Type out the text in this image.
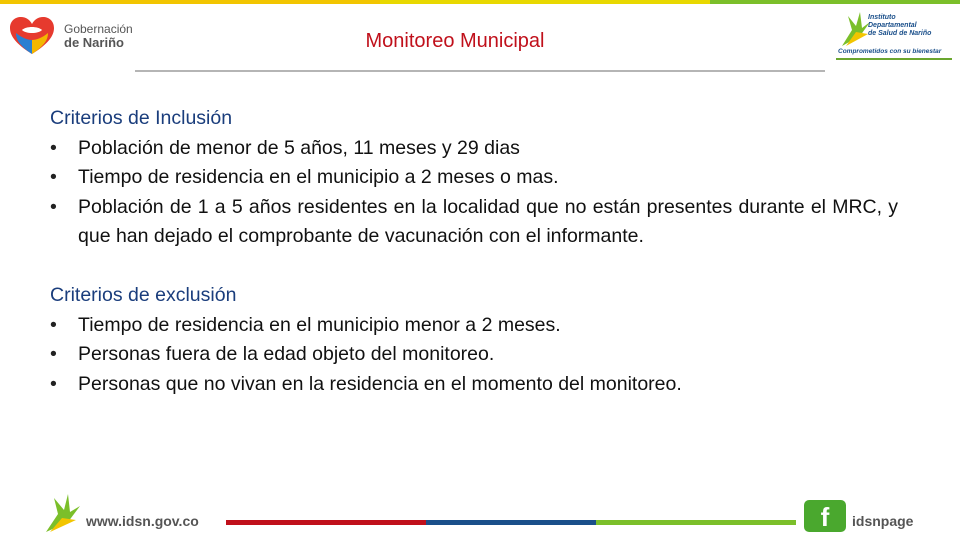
Gobernación
de Nariño	Monitoreo Municipal
Instituto
Departamental
de Salud de Nariño
Comprometidos con su bienestar
Criterios de Inclusión
•	Población de menor de 5 años, 11 meses y 29 dias
•	Tiempo de residencia en el municipio a 2 meses o mas.
•	Población de 1 a 5 años residentes en la localidad que no están presentes durante el MRC, y que han dejado el comprobante de vacunación con el informante.
Criterios de exclusión
•	Tiempo de residencia en el municipio menor a 2 meses.
•	Personas fuera de la edad objeto del monitoreo.
•	Personas que no vivan en la residencia en el momento del monitoreo.
www.idsn.gov.co	f	idsnpage
